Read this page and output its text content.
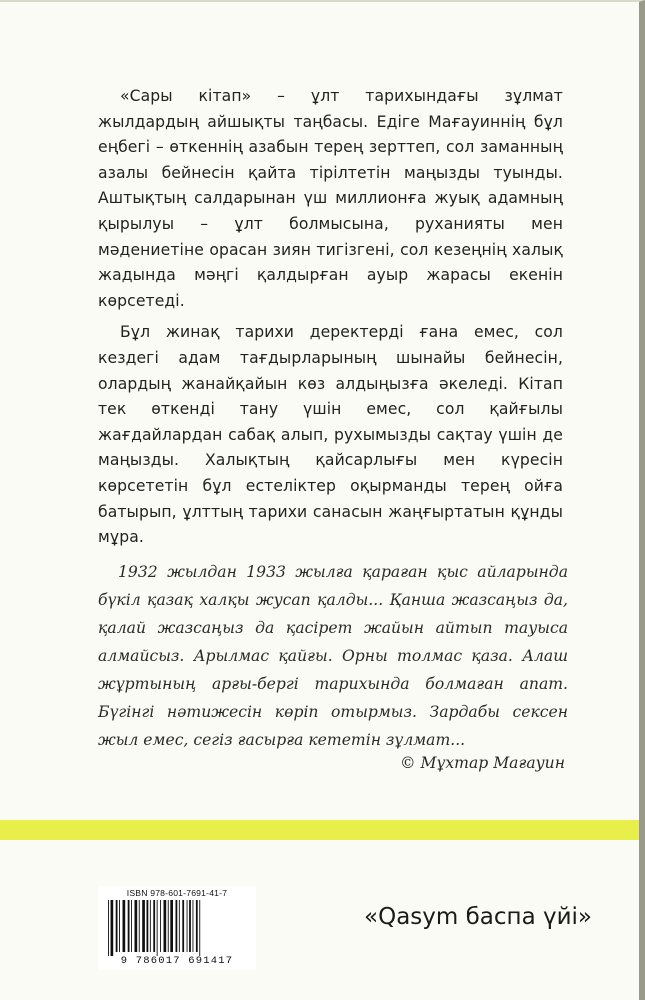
«Сары кітап» – ұлт тарихындағы зұлмат жылдардың айшықты таңбасы. Едіге Мағауиннің бұл еңбегі – өткеннің азабын терең зерттеп, сол заманның азалы бейнесін қайта тірілтетін маңызды туынды. Аштықтың салдарынан үш миллионға жуық адамның қырылуы – ұлт болмысына, руханияты мен мәдениетіне орасан зиян тигізгені, сол кезеңнің халық жадында мәңгі қалдырған ауыр жарасы екенін көрсетеді.

Бұл жинақ тарихи деректерді ғана емес, сол кездегі адам тағдырларының шынайы бейнесін, олардың жанайқайын көз алдыңызға әкеледі. Кітап тек өткенді тану үшін емес, сол қайғылы жағдайлардан сабақ алып, рухымызды сақтау үшін де маңызды. Халықтың қайсарлығы мен күресін көрсететін бұл естеліктер оқырманды терең ойға батырып, ұлттың тарихи санасын жаңғыртатын құнды мұра.

1932 жылдан 1933 жылға қараған қыс айларында бүкіл қазақ халқы жусап қалды... Қанша жазсаңыз да, қалай жазсаңыз да қасірет жайын айтып тауыса алмайсыз. Арылмас қайғы. Орны толмас қаза. Алаш жұртының арғы-бергі тарихында болмаған апат. Бүгінгі нәтижесін көріп отырмыз. Зардабы сексен жыл емес, сегіз ғасырға кететін зұлмат...

© Мұхтар Мағауин
ISBN 978-601-7691-41-7
9 786017 691417
«Qasym баспа үйі»
